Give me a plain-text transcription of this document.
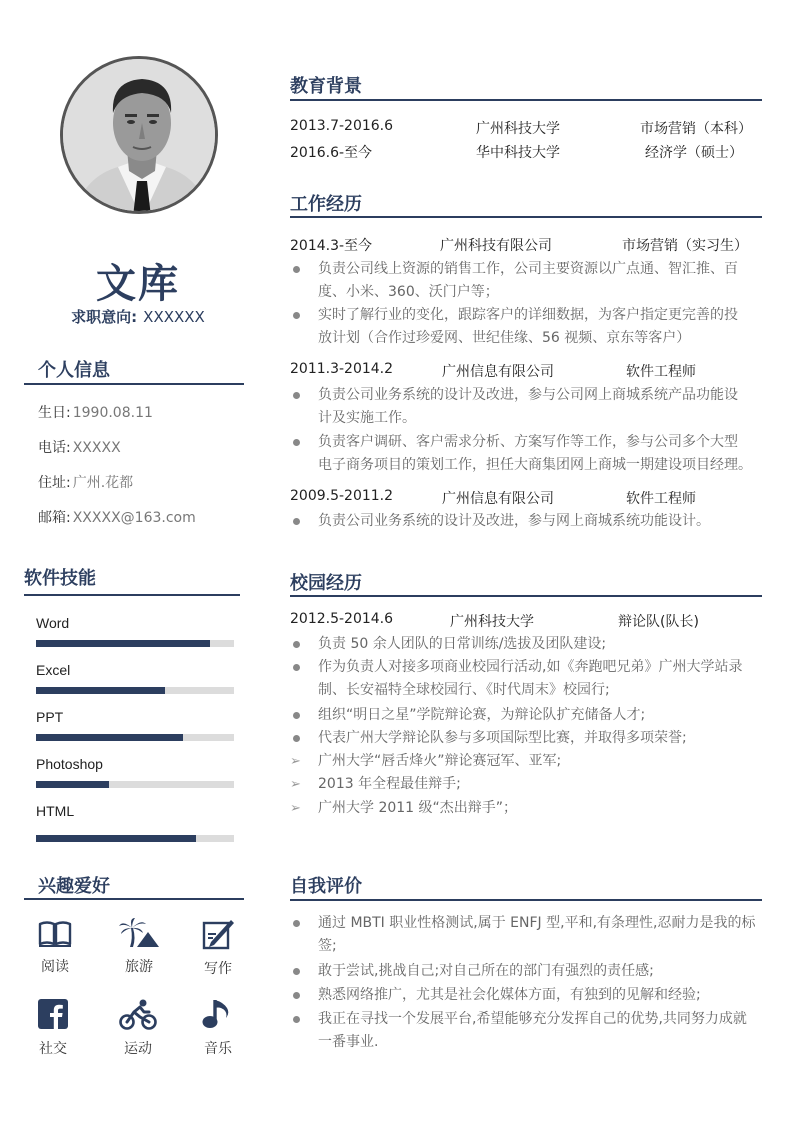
文库
求职意向: XXXXXX
个人信息
生日: 1990.08.11
电话: XXXXX
住址: 广州.花都
邮箱: XXXXX@163.com
软件技能
Word
Excel
PPT
Photoshop
HTML
兴趣爱好
阅读	旅游	写作
社交	运动	音乐
教育背景
2013.7-2016.6	广州科技大学	市场营销（本科）
2016.6-至今	华中科技大学	经济学（硕士）
工作经历
2014.3-至今	广州科技有限公司	市场营销（实习生）
负责公司线上资源的销售工作，公司主要资源以广点通、智汇推、百
度、小米、360、沃门户等；
实时了解行业的变化，跟踪客户的详细数据，为客户指定更完善的投
放计划（合作过珍爱网、世纪佳缘、56 视频、京东等客户）
2011.3-2014.2	广州信息有限公司	软件工程师
负责公司业务系统的设计及改进，参与公司网上商城系统产品功能设
计及实施工作。
负责客户调研、客户需求分析、方案写作等工作，参与公司多个大型
电子商务项目的策划工作，担任大商集团网上商城一期建设项目经理。
2009.5-2011.2	广州信息有限公司	软件工程师
负责公司业务系统的设计及改进，参与网上商城系统功能设计。
校园经历
2012.5-2014.6	广州科技大学	辩论队(队长)
负责 50 余人团队的日常训练/选拔及团队建设;
作为负责人对接多项商业校园行活动,如《奔跑吧兄弟》广州大学站录
制、长安福特全球校园行、《时代周末》校园行;
组织“明日之星”学院辩论赛，为辩论队扩充储备人才;
代表广州大学辩论队参与多项国际型比赛，并取得多项荣誉;
➢ 广州大学“唇舌烽火”辩论赛冠军、亚军;
➢ 2013 年全程最佳辩手;
➢ 广州大学 2011 级“杰出辩手”；
自我评价
通过 MBTI 职业性格测试,属于 ENFJ 型,平和,有条理性,忍耐力是我的标
签;
敢于尝试,挑战自己;对自己所在的部门有强烈的责任感;
熟悉网络推广，尤其是社会化媒体方面，有独到的见解和经验;
我正在寻找一个发展平台,希望能够充分发挥自己的优势,共同努力成就
一番事业.
